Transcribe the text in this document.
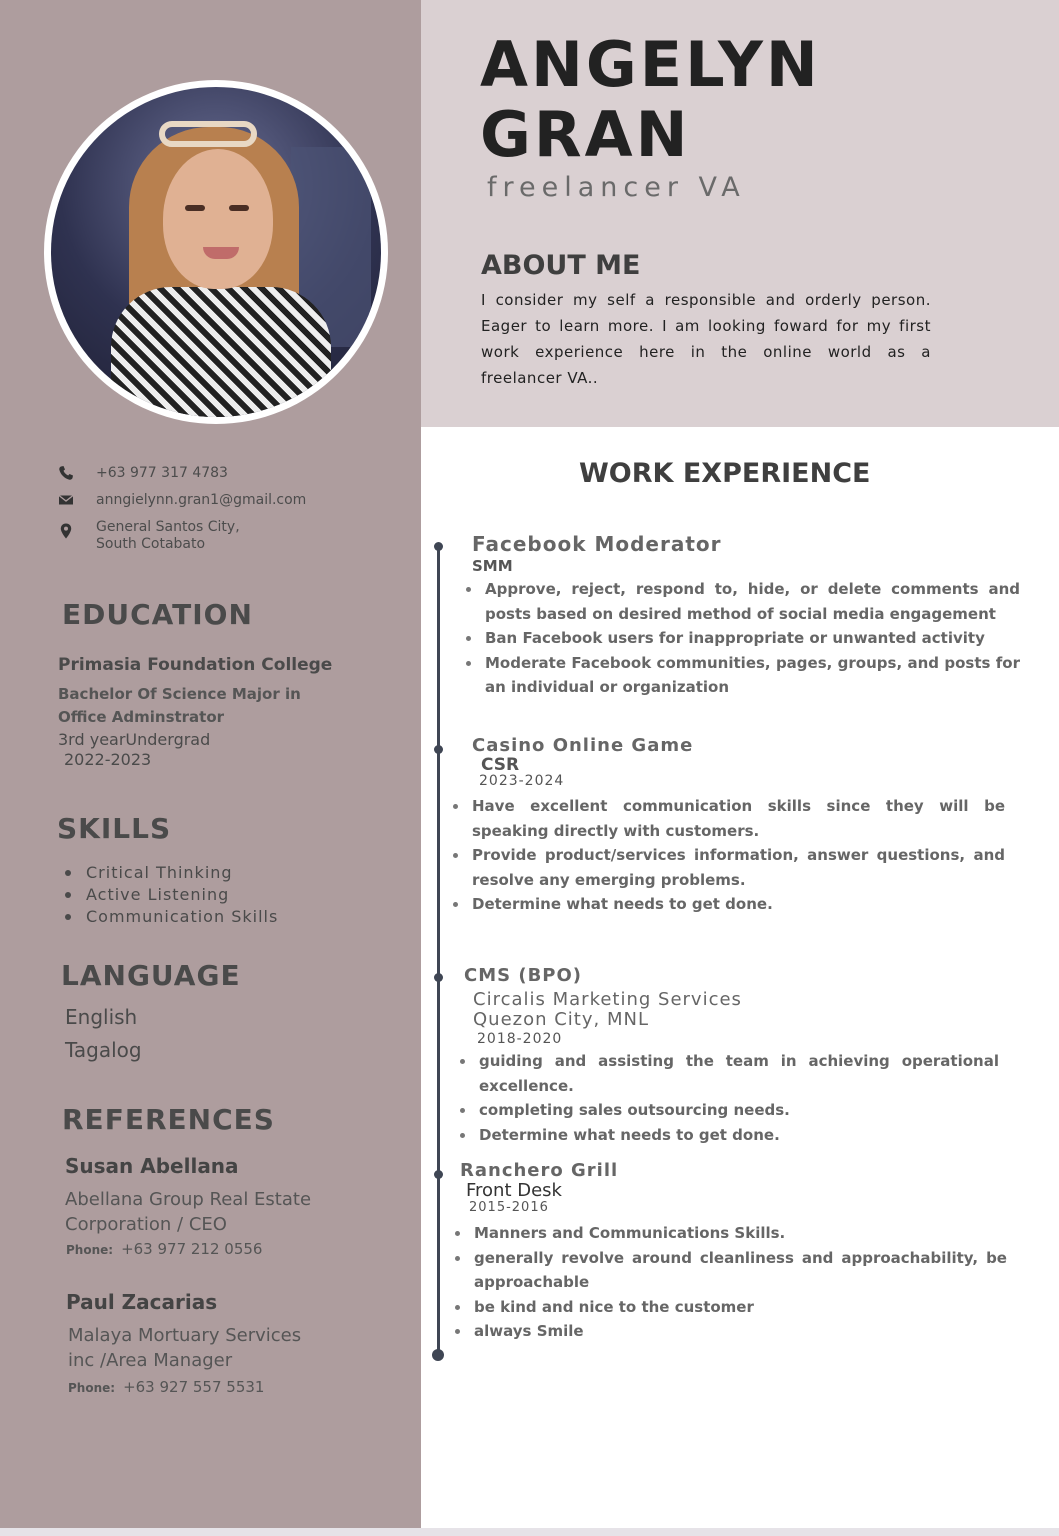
ANGELYN
GRAN
freelancer VA
ABOUT ME
I consider my self a responsible and orderly person. Eager to learn more. I am looking foward for my first work experience here in the online world as a freelancer VA..
+63 977 317 4783
anngielynn.gran1@gmail.com
General Santos City,
South Cotabato
EDUCATION
Primasia Foundation College
Bachelor Of Science Major in Office Adminstrator
3rd yearUndergrad
2022-2023
SKILLS
Critical Thinking
Active Listening
Communication Skills
LANGUAGE
English
Tagalog
REFERENCES
Susan Abellana
Abellana Group Real Estate Corporation / CEO
Phone: +63 977 212 0556
Paul Zacarias
Malaya Mortuary Services inc /Area Manager
Phone: +63 927 557 5531
WORK EXPERIENCE
Facebook Moderator
SMM
Approve, reject, respond to, hide, or delete comments and posts based on desired method of social media engagement
Ban Facebook users for inappropriate or unwanted activity
Moderate Facebook communities, pages, groups, and posts for an individual or organization
Casino Online Game
CSR
2023-2024
Have excellent communication skills since they will be speaking directly with customers.
Provide product/services information, answer questions, and resolve any emerging problems.
Determine what needs to get done.
CMS (BPO)
Circalis Marketing Services
Quezon City, MNL
2018-2020
guiding and assisting the team in achieving operational excellence.
completing sales outsourcing needs.
Determine what needs to get done.
Ranchero Grill
Front Desk
2015-2016
Manners and Communications Skills.
generally revolve around cleanliness and approachability, be approachable
be kind and nice to the customer
always Smile
